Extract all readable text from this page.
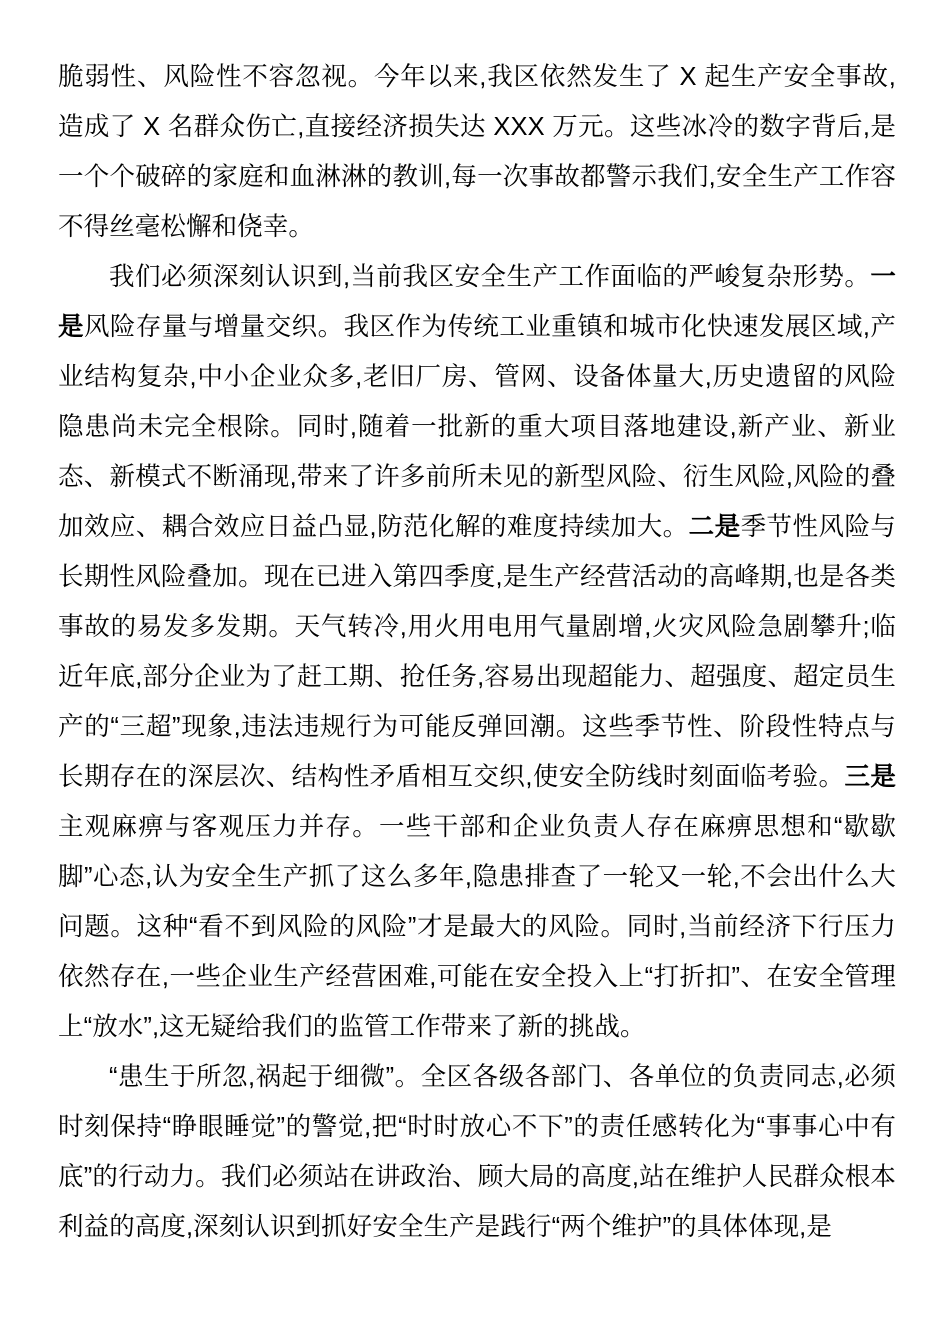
脆弱性、风险性不容忽视。今年以来,我区依然发生了 X 起生产安全事故,造成了 X 名群众伤亡,直接经济损失达 XXX 万元。这些冰冷的数字背后,是一个个破碎的家庭和血淋淋的教训,每一次事故都警示我们,安全生产工作容不得丝毫松懈和侥幸。

我们必须深刻认识到,当前我区安全生产工作面临的严峻复杂形势。一是风险存量与增量交织。我区作为传统工业重镇和城市化快速发展区域,产业结构复杂,中小企业众多,老旧厂房、管网、设备体量大,历史遗留的风险隐患尚未完全根除。同时,随着一批新的重大项目落地建设,新产业、新业态、新模式不断涌现,带来了许多前所未见的新型风险、衍生风险,风险的叠加效应、耦合效应日益凸显,防范化解的难度持续加大。二是季节性风险与长期性风险叠加。现在已进入第四季度,是生产经营活动的高峰期,也是各类事故的易发多发期。天气转冷,用火用电用气量剧增,火灾风险急剧攀升;临近年底,部分企业为了赶工期、抢任务,容易出现超能力、超强度、超定员生产的“三超”现象,违法违规行为可能反弹回潮。这些季节性、阶段性特点与长期存在的深层次、结构性矛盾相互交织,使安全防线时刻面临考验。三是主观麻痹与客观压力并存。一些干部和企业负责人存在麻痹思想和“歇歇脚”心态,认为安全生产抓了这么多年,隐患排查了一轮又一轮,不会出什么大问题。这种“看不到风险的风险”才是最大的风险。同时,当前经济下行压力依然存在,一些企业生产经营困难,可能在安全投入上“打折扣”、在安全管理上“放水”,这无疑给我们的监管工作带来了新的挑战。

“患生于所忽,祸起于细微”。全区各级各部门、各单位的负责同志,必须时刻保持“睁眼睡觉”的警觉,把“时时放心不下”的责任感转化为“事事心中有底”的行动力。我们必须站在讲政治、顾大局的高度,站在维护人民群众根本利益的高度,深刻认识到抓好安全生产是践行“两个维护”的具体体现,是
